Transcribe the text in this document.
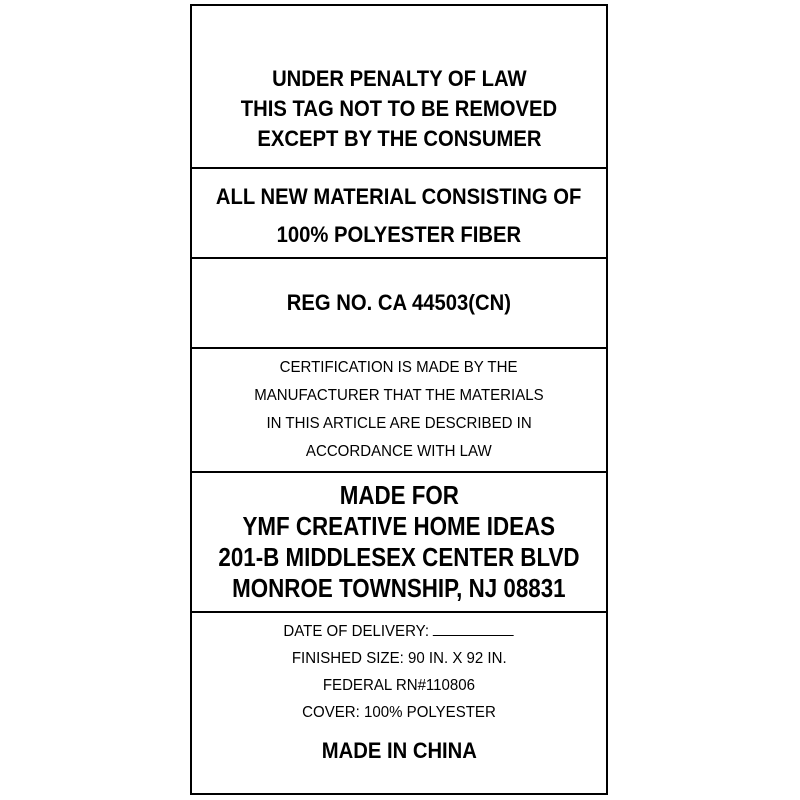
UNDER PENALTY OF LAW
THIS TAG NOT TO BE REMOVED
EXCEPT BY THE CONSUMER
ALL NEW MATERIAL CONSISTING OF
100% POLYESTER FIBER
REG NO. CA 44503(CN)
CERTIFICATION IS MADE BY THE
MANUFACTURER THAT THE MATERIALS
IN THIS ARTICLE ARE DESCRIBED IN
ACCORDANCE WITH LAW
MADE FOR
YMF CREATIVE HOME IDEAS
201-B MIDDLESEX CENTER BLVD
MONROE TOWNSHIP, NJ 08831
DATE OF DELIVERY:
FINISHED SIZE: 90 IN. X 92 IN.
FEDERAL RN#110806
COVER: 100% POLYESTER
MADE IN CHINA
